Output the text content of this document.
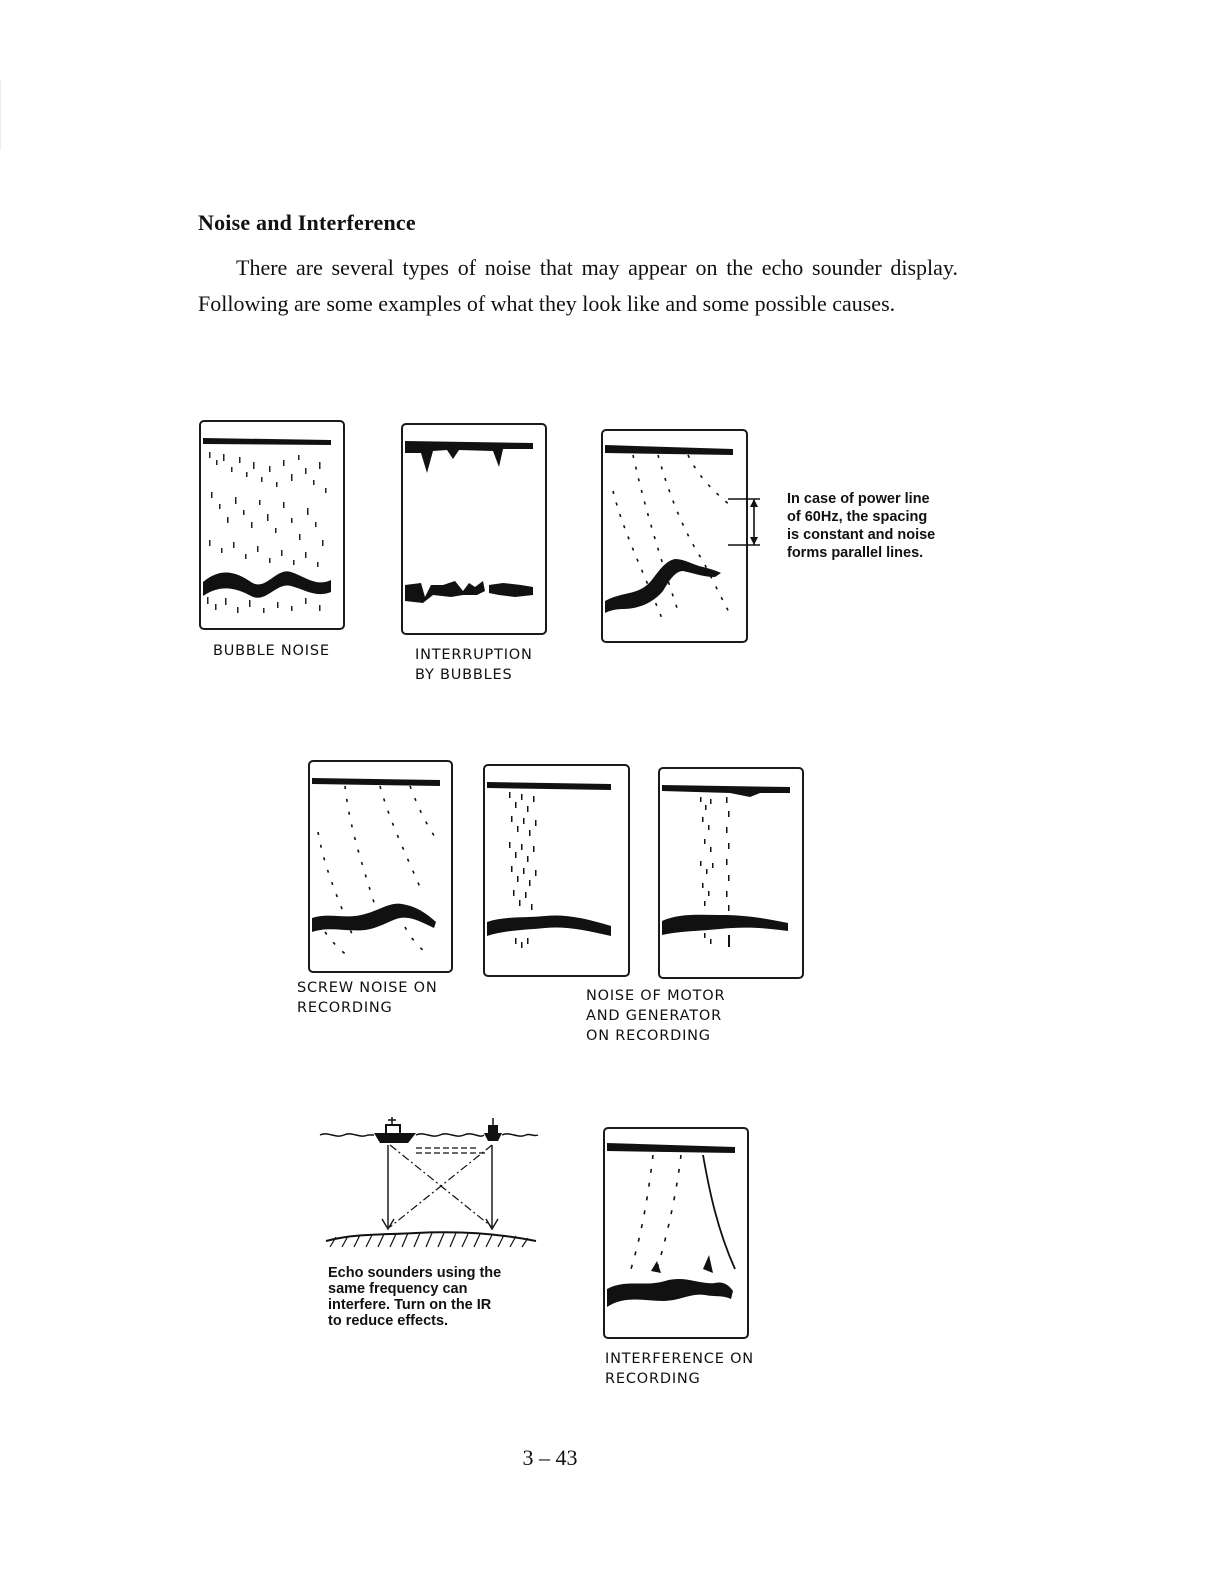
Noise and Interference
There are several types of noise that may appear on the echo sounder display. Following are some examples of what they look like and some possible causes.
BUBBLE NOISE	INTERRUPTION
BY BUBBLES
In case of power line
of 60Hz, the spacing
is constant and noise
forms parallel lines.
SCREW NOISE ON
RECORDING
NOISE OF MOTOR
AND GENERATOR
ON RECORDING
Echo sounders using the
same frequency can
interfere. Turn on the IR
to reduce effects.
INTERFERENCE ON
RECORDING
3 – 43
